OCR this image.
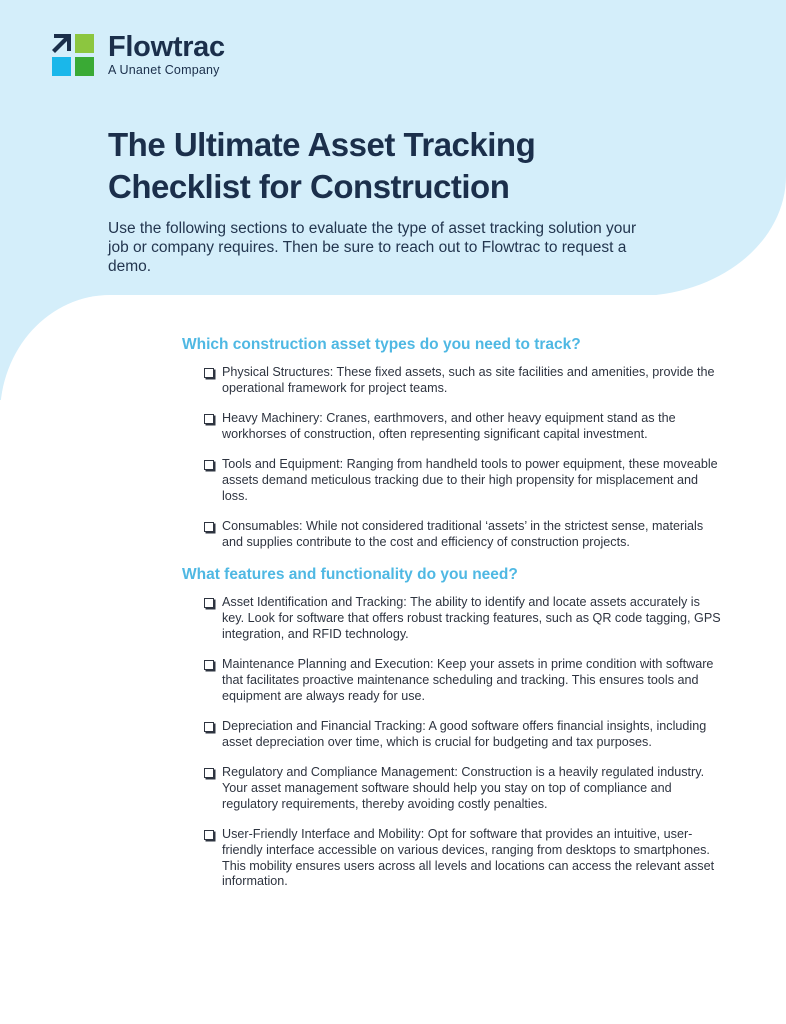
Flowtrac
A Unanet Company
The Ultimate Asset Tracking
Checklist for Construction

Use the following sections to evaluate the type of asset tracking solution your job or company requires. Then be sure to reach out to Flowtrac to request a demo.

Which construction asset types do you need to track?
Physical Structures: These fixed assets, such as site facilities and amenities, provide the operational framework for project teams.
Heavy Machinery: Cranes, earthmovers, and other heavy equipment stand as the workhorses of construction, often representing significant capital investment.
Tools and Equipment: Ranging from handheld tools to power equipment, these moveable assets demand meticulous tracking due to their high propensity for misplacement and loss.
Consumables: While not considered traditional ‘assets’ in the strictest sense, materials and supplies contribute to the cost and efficiency of construction projects.
What features and functionality do you need?
Asset Identification and Tracking: The ability to identify and locate assets accurately is key. Look for software that offers robust tracking features, such as QR code tagging, GPS integration, and RFID technology.
Maintenance Planning and Execution: Keep your assets in prime condition with software that facilitates proactive maintenance scheduling and tracking. This ensures tools and equipment are always ready for use.
Depreciation and Financial Tracking: A good software offers financial insights, including asset depreciation over time, which is crucial for budgeting and tax purposes.
Regulatory and Compliance Management: Construction is a heavily regulated industry. Your asset management software should help you stay on top of compliance and regulatory requirements, thereby avoiding costly penalties.
User-Friendly Interface and Mobility: Opt for software that provides an intuitive, user-friendly interface accessible on various devices, ranging from desktops to smartphones. This mobility ensures users across all levels and locations can access the relevant asset information.
